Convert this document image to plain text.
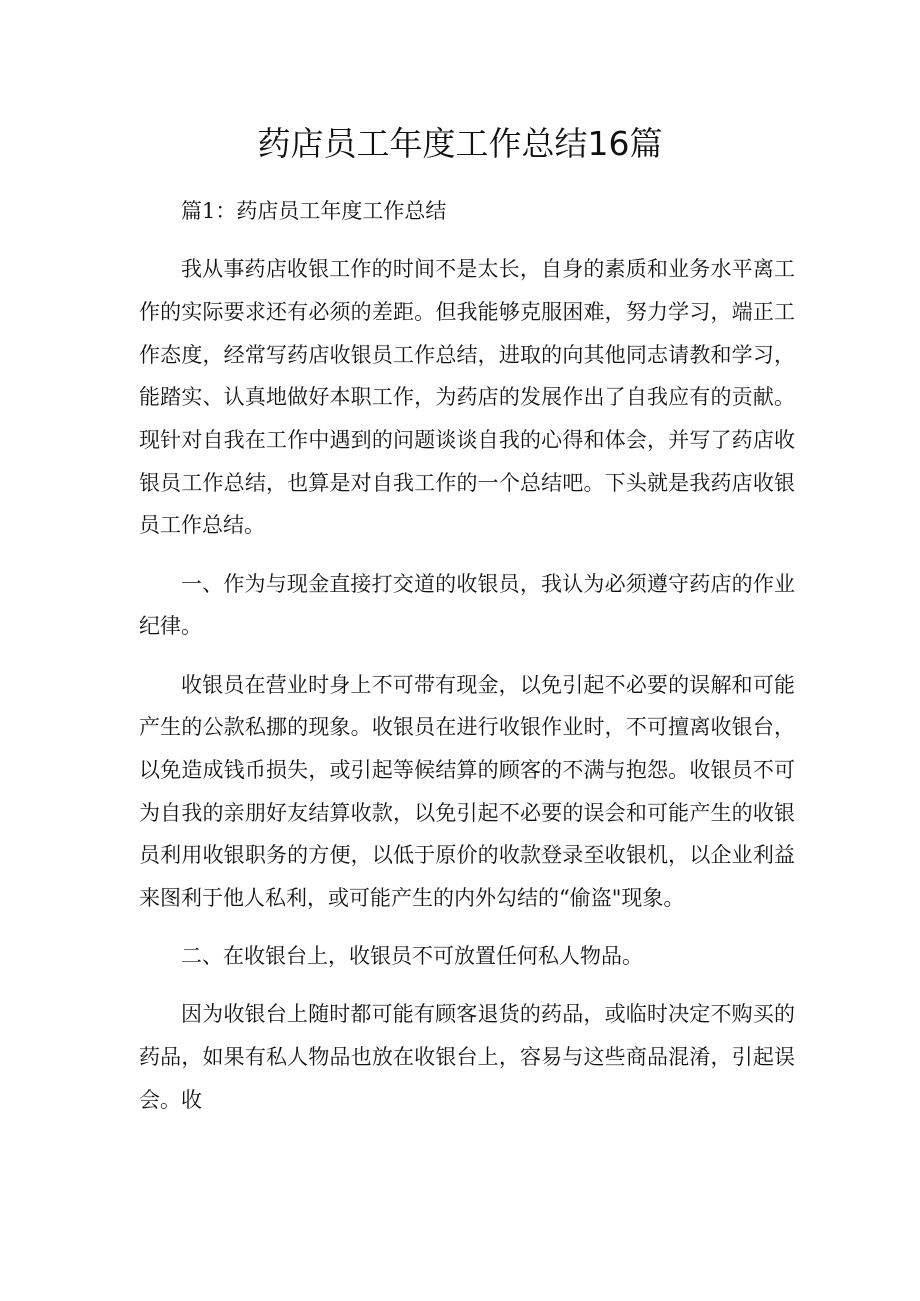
药店员工年度工作总结16篇

篇1：药店员工年度工作总结

我从事药店收银工作的时间不是太长，自身的素质和业务水平离工作的实际要求还有必须的差距。但我能够克服困难，努力学习，端正工作态度，经常写药店收银员工作总结，进取的向其他同志请教和学习，能踏实、认真地做好本职工作，为药店的发展作出了自我应有的贡献。现针对自我在工作中遇到的问题谈谈自我的心得和体会，并写了药店收银员工作总结，也算是对自我工作的一个总结吧。下头就是我药店收银员工作总结。

一、作为与现金直接打交道的收银员，我认为必须遵守药店的作业纪律。

收银员在营业时身上不可带有现金，以免引起不必要的误解和可能产生的公款私挪的现象。收银员在进行收银作业时，不可擅离收银台，以免造成钱币损失，或引起等候结算的顾客的不满与抱怨。收银员不可为自我的亲朋好友结算收款，以免引起不必要的误会和可能产生的收银员利用收银职务的方便，以低于原价的收款登录至收银机，以企业利益来图利于他人私利，或可能产生的内外勾结的“偷盗"现象。

二、在收银台上，收银员不可放置任何私人物品。

因为收银台上随时都可能有顾客退货的药品，或临时决定不购买的药品，如果有私人物品也放在收银台上，容易与这些商品混淆，引起误会。收
